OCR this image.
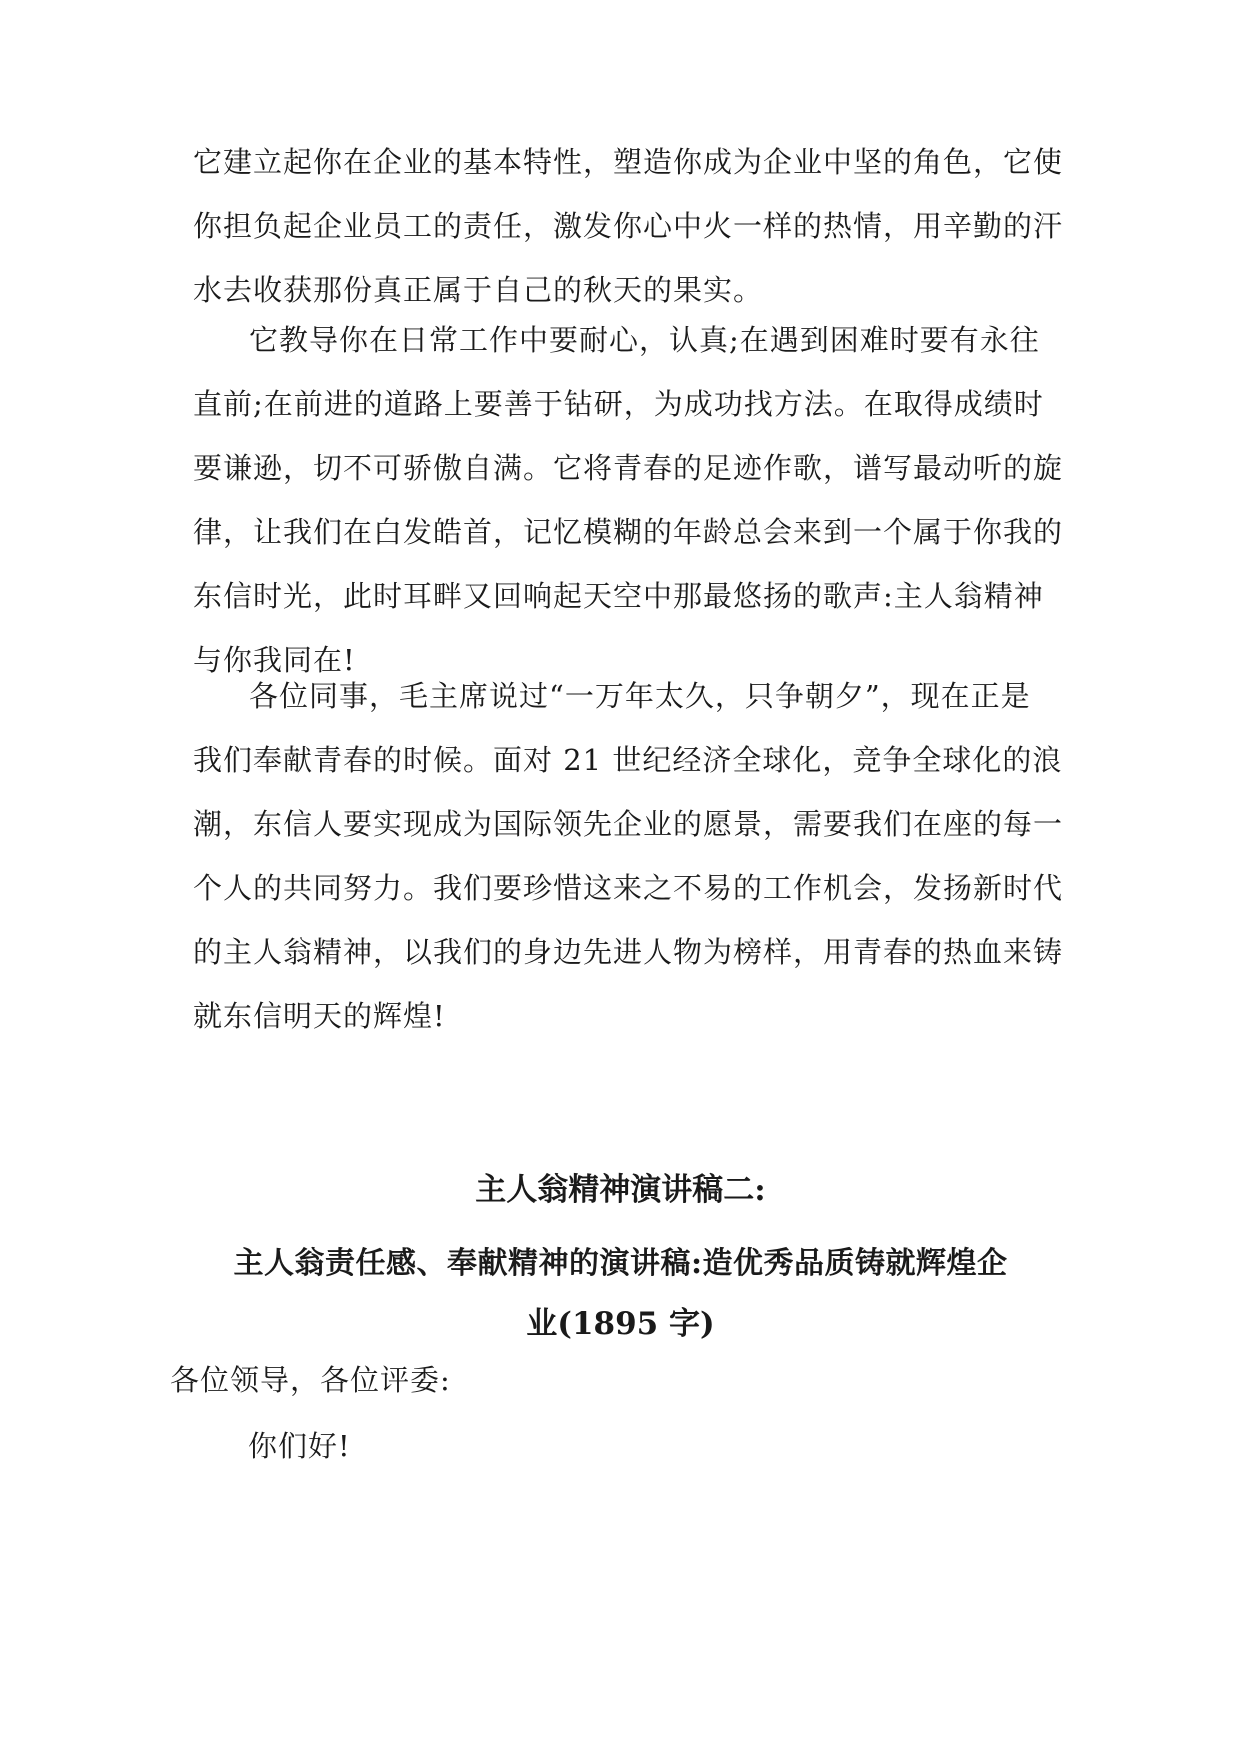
它建立起你在企业的基本特性，塑造你成为企业中坚的角色，它使
你担负起企业员工的责任，激发你心中火一样的热情，用辛勤的汗
水去收获那份真正属于自己的秋天的果实。
它教导你在日常工作中要耐心，认真;在遇到困难时要有永往
直前;在前进的道路上要善于钻研，为成功找方法。在取得成绩时
要谦逊，切不可骄傲自满。它将青春的足迹作歌，谱写最动听的旋
律，让我们在白发皓首，记忆模糊的年龄总会来到一个属于你我的
东信时光，此时耳畔又回响起天空中那最悠扬的歌声:主人翁精神
与你我同在!
各位同事，毛主席说过“一万年太久，只争朝夕”，现在正是
我们奉献青春的时候。面对 21 世纪经济全球化，竞争全球化的浪
潮，东信人要实现成为国际领先企业的愿景，需要我们在座的每一
个人的共同努力。我们要珍惜这来之不易的工作机会，发扬新时代
的主人翁精神，以我们的身边先进人物为榜样，用青春的热血来铸
就东信明天的辉煌!
主人翁精神演讲稿二:
主人翁责任感、奉献精神的演讲稿:造优秀品质铸就辉煌企
业(1895 字)
各位领导，各位评委:
你们好!
